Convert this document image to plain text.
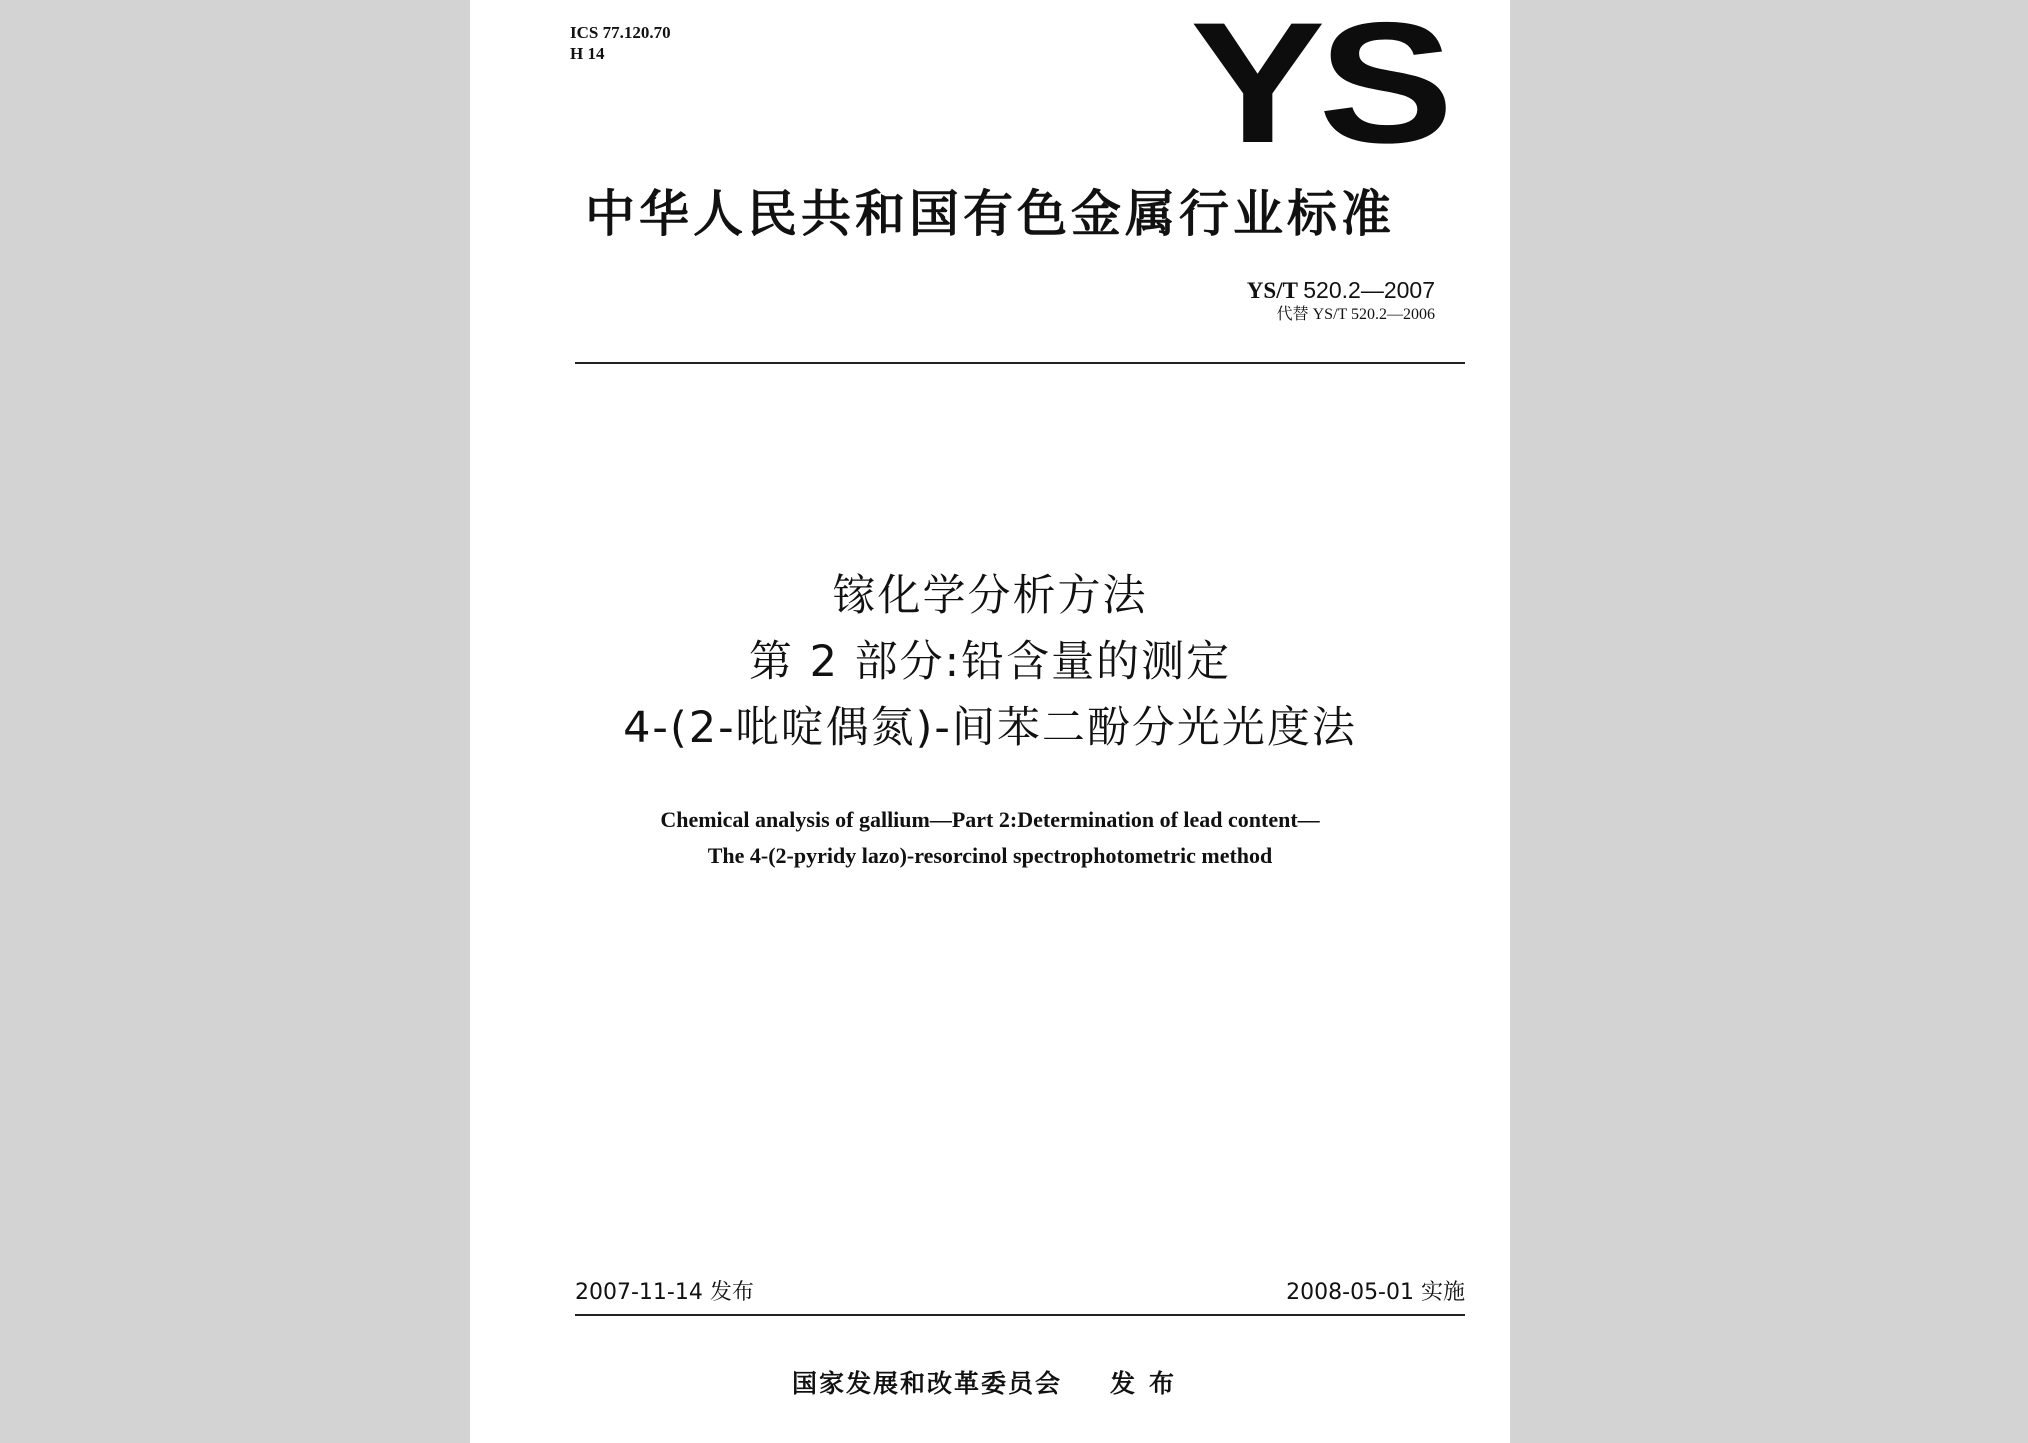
ICS 77.120.70
H 14	YS
中华人民共和国有色金属行业标准
YS/T 520.2—2007
代替 YS/T 520.2—2006
镓化学分析方法
第 2 部分:铅含量的测定
4-(2-吡啶偶氮)-间苯二酚分光光度法
Chemical analysis of gallium—Part 2:Determination of lead content—
The 4-(2-pyridy lazo)-resorcinol spectrophotometric method
2007-11-14 发布	2008-05-01 实施
国家发展和改革委员会 发布
